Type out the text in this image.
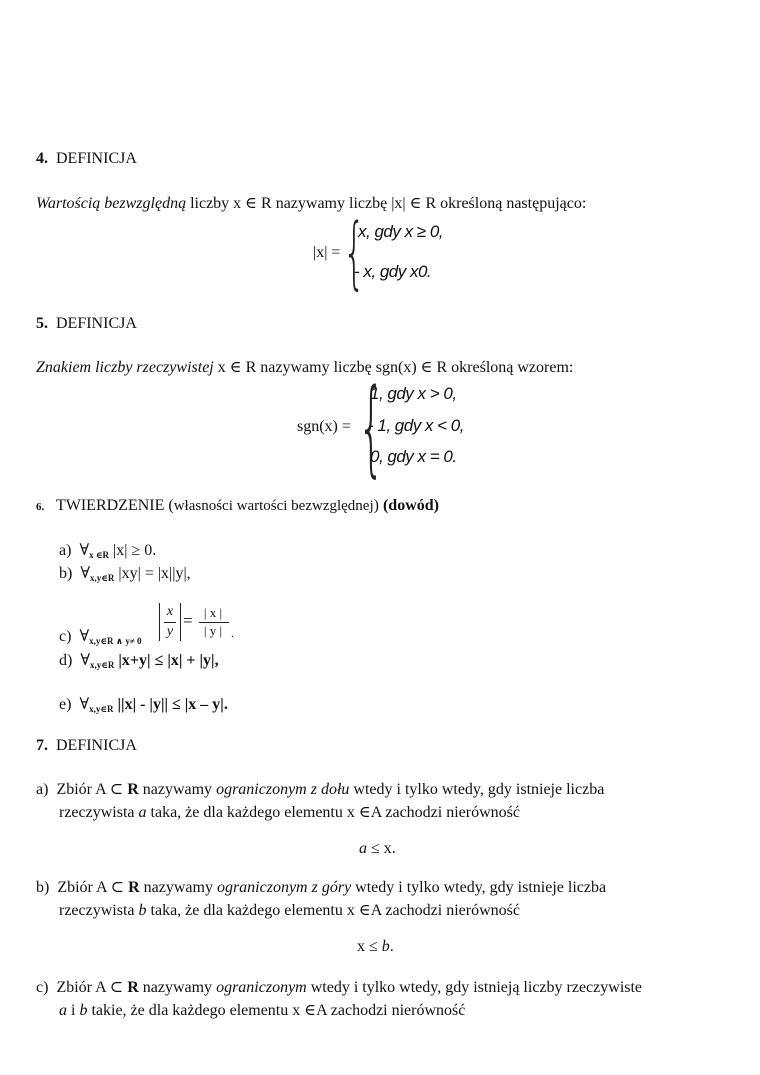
4. DEFINICJA
Wartością bezwzględną liczby x ∈ R nazywamy liczbę |x| ∈ R określoną następująco:
|x| = {
x, gdy x ≥ 0,
- x, gdy x0.
5. DEFINICJA
Znakiem liczby rzeczywistej x ∈ R nazywamy liczbę sgn(x) ∈ R określoną wzorem:
sgn(x) = {
1, gdy x > 0,
- 1, gdy x < 0,
0, gdy x = 0.
6. TWIERDZENIE (własności wartości bezwzględnej) (dowód)
a) ∀x ∈R |x| ≥ 0.
b) ∀x,y∈R |xy| = |x||y|,
c) ∀x,y∈R ∧ y≠ 0
x
y
= | x |
| y | .
d) ∀x,y∈R |x+y| ≤ |x| + |y|,
e) ∀x,y∈R ||x| - |y|| ≤ |x – y|.
7. DEFINICJA
a) Zbiór A ⊂ R nazywamy ograniczonym z dołu wtedy i tylko wtedy, gdy istnieje liczba
rzeczywista a taka, że dla każdego elementu x ∈A zachodzi nierówność
a ≤ x.
b) Zbiór A ⊂ R nazywamy ograniczonym z góry wtedy i tylko wtedy, gdy istnieje liczba
rzeczywista b taka, że dla każdego elementu x ∈A zachodzi nierówność
x ≤ b.
c) Zbiór A ⊂ R nazywamy ograniczonym wtedy i tylko wtedy, gdy istnieją liczby rzeczywiste
a i b takie, że dla każdego elementu x ∈A zachodzi nierówność
